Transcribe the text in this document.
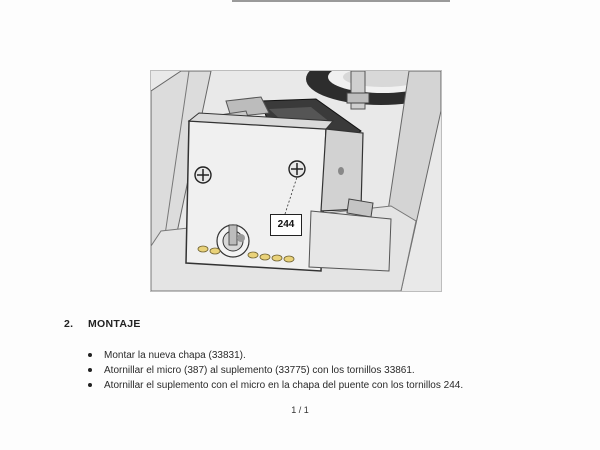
244
2. MONTAJE
Montar la nueva chapa (33831).
Atornillar el micro (387) al suplemento (33775) con los tornillos 33861.
Atornillar el suplemento con el micro en la chapa del puente con los tornillos 244.
1 / 1
